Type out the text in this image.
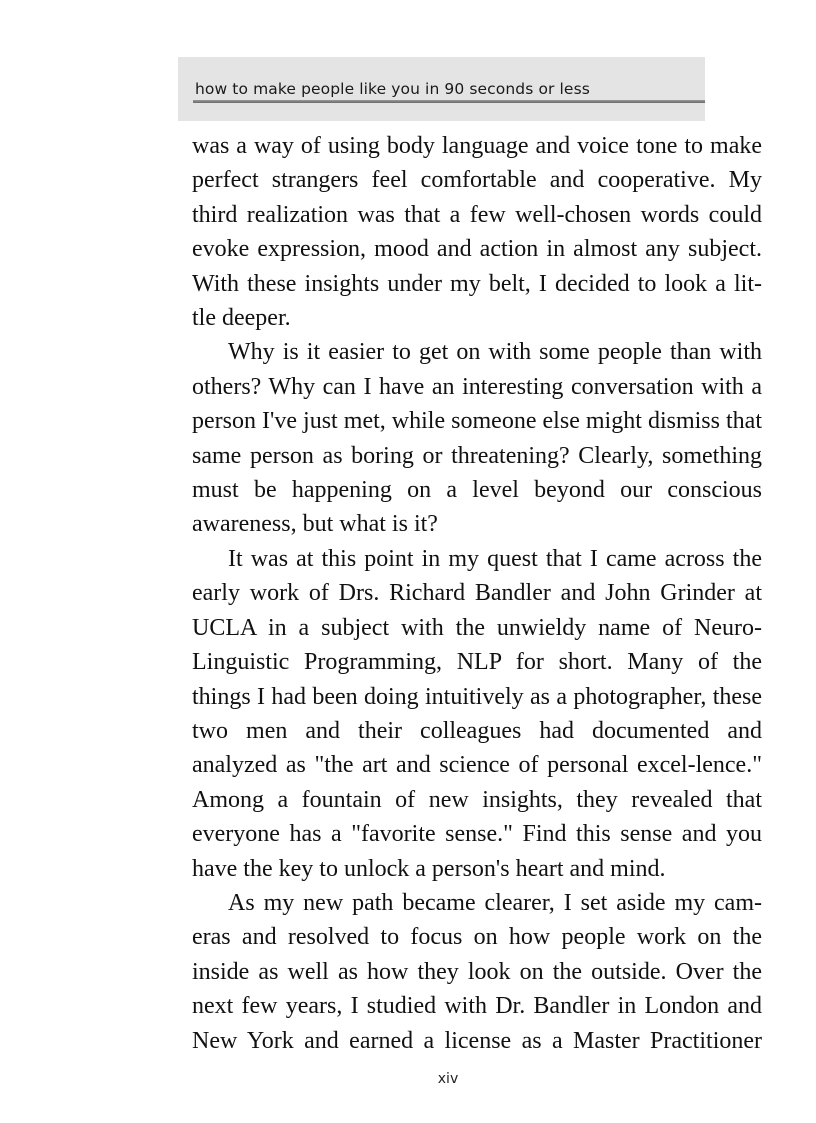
how to make people like you in 90 seconds or less

was a way of using body language and voice tone to make perfect strangers feel comfortable and cooperative. My third realization was that a few well-chosen words could evoke expression, mood and action in almost any subject. With these insights under my belt, I decided to look a lit-tle deeper.

Why is it easier to get on with some people than with others? Why can I have an interesting conversation with a person I've just met, while someone else might dismiss that same person as boring or threatening? Clearly, something must be happening on a level beyond our conscious awareness, but what is it?

It was at this point in my quest that I came across the early work of Drs. Richard Bandler and John Grinder at UCLA in a subject with the unwieldy name of Neuro-Linguistic Programming, NLP for short. Many of the things I had been doing intuitively as a photographer, these two men and their colleagues had documented and analyzed as "the art and science of personal excel-lence." Among a fountain of new insights, they revealed that everyone has a "favorite sense." Find this sense and you have the key to unlock a person's heart and mind.

As my new path became clearer, I set aside my cam-eras and resolved to focus on how people work on the inside as well as how they look on the outside. Over the next few years, I studied with Dr. Bandler in London and New York and earned a license as a Master Practitioner

xiv
